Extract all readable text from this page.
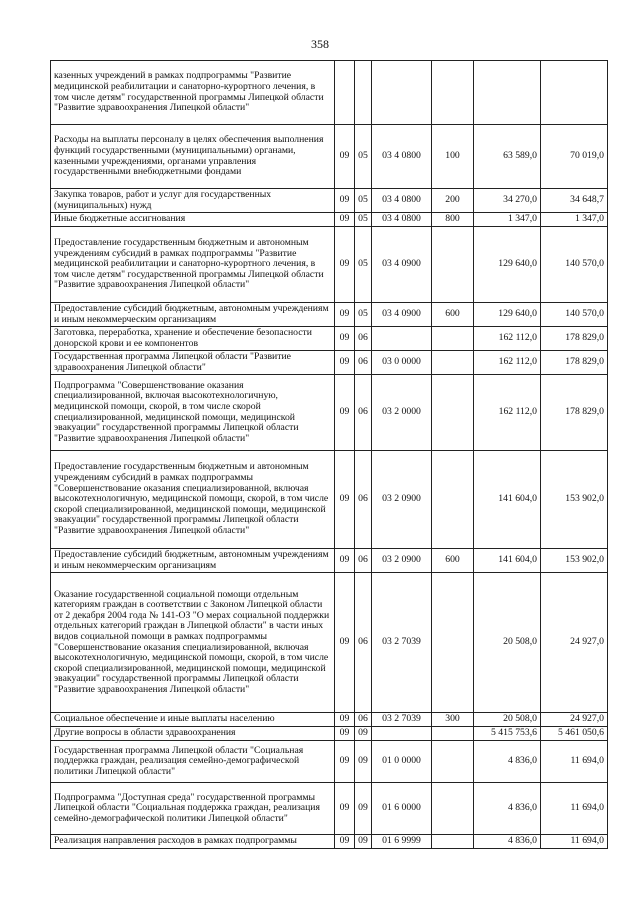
358
казенных учреждений в рамках подпрограммы "Развитие медицинской реабилитации и санаторно-курортного лечения, в том числе детям" государственной программы Липецкой области "Развитие здравоохранения Липецкой области"						
Расходы на выплаты персоналу в целях обеспечения выполнения функций государственными (муниципальными) органами, казенными учреждениями, органами управления государственными внебюджетными фондами	09	05	03 4 0800	100	63 589,0	70 019,0
Закупка товаров, работ и услуг для государственных (муниципальных) нужд	09	05	03 4 0800	200	34 270,0	34 648,7
Иные бюджетные ассигнования	09	05	03 4 0800	800	1 347,0	1 347,0
Предоставление государственным бюджетным и автономным учреждениям субсидий в рамках подпрограммы "Развитие медицинской реабилитации и санаторно-курортного лечения, в том числе детям" государственной программы Липецкой области "Развитие здравоохранения Липецкой области"	09	05	03 4 0900		129 640,0	140 570,0
Предоставление субсидий бюджетным, автономным учреждениям и иным некоммерческим организациям	09	05	03 4 0900	600	129 640,0	140 570,0
Заготовка, переработка, хранение и обеспечение безопасности донорской крови и ее компонентов	09	06			162 112,0	178 829,0
Государственная программа Липецкой области "Развитие здравоохранения Липецкой области"	09	06	03 0 0000		162 112,0	178 829,0
Подпрограмма "Совершенствование оказания специализированной, включая высокотехнологичную, медицинской помощи, скорой, в том числе скорой специализированной, медицинской помощи, медицинской эвакуации" государственной программы Липецкой области "Развитие здравоохранения Липецкой области"	09	06	03 2 0000		162 112,0	178 829,0
Предоставление государственным бюджетным и автономным учреждениям субсидий в рамках подпрограммы "Совершенствование оказания специализированной, включая высокотехнологичную, медицинской помощи, скорой, в том числе скорой специализированной, медицинской помощи, медицинской эвакуации" государственной программы Липецкой области "Развитие здравоохранения Липецкой области"	09	06	03 2 0900		141 604,0	153 902,0
Предоставление субсидий бюджетным, автономным учреждениям и иным некоммерческим организациям	09	06	03 2 0900	600	141 604,0	153 902,0
Оказание государственной социальной помощи отдельным категориям граждан в соответствии с Законом Липецкой области от 2 декабря 2004 года № 141-ОЗ "О мерах социальной поддержки отдельных категорий граждан в Липецкой области" в части иных видов социальной помощи в рамках подпрограммы "Совершенствование оказания специализированной, включая высокотехнологичную, медицинской помощи, скорой, в том числе скорой специализированной, медицинской помощи, медицинской эвакуации" государственной программы Липецкой области "Развитие здравоохранения Липецкой области"	09	06	03 2 7039		20 508,0	24 927,0
Социальное обеспечение и иные выплаты населению	09	06	03 2 7039	300	20 508,0	24 927,0
Другие вопросы в области здравоохранения	09	09			5 415 753,6	5 461 050,6
Государственная программа Липецкой области "Социальная поддержка граждан, реализация семейно-демографической политики Липецкой области"	09	09	01 0 0000		4 836,0	11 694,0
Подпрограмма "Доступная среда" государственной программы Липецкой области "Социальная поддержка граждан, реализация семейно-демографической политики Липецкой области"	09	09	01 6 0000		4 836,0	11 694,0
Реализация направления расходов в рамках подпрограммы	09	09	01 6 9999		4 836,0	11 694,0
